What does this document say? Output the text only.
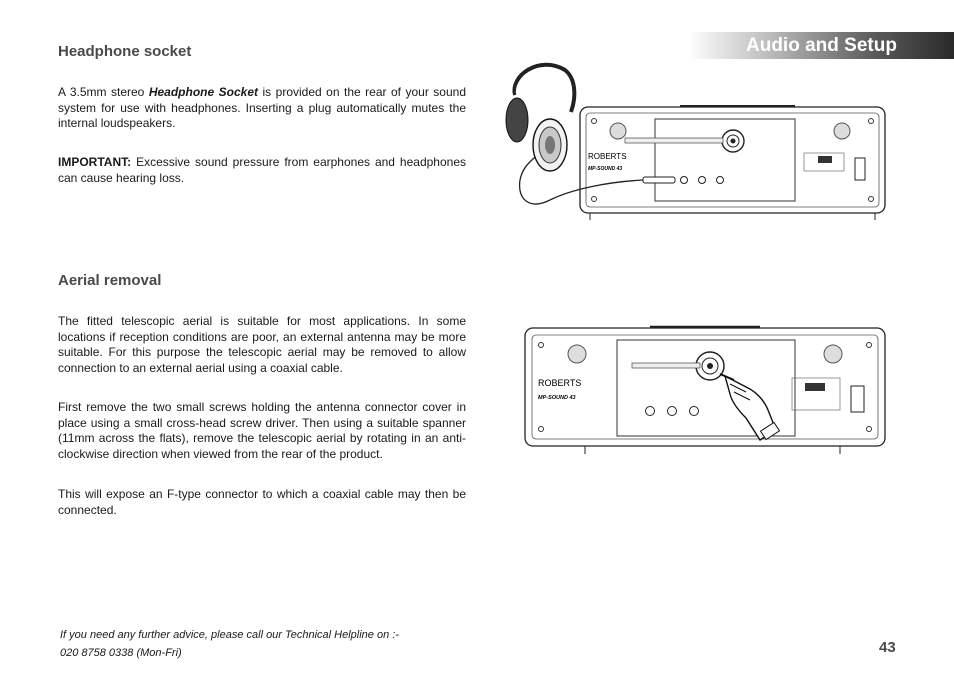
Audio and Setup
Headphone socket

A 3.5mm stereo Headphone Socket is provided on the rear of your sound system for use with headphones. Inserting a plug automatically mutes the internal loudspeakers.

IMPORTANT: Excessive sound pressure from earphones and headphones can cause hearing loss.

Aerial removal

The fitted telescopic aerial is suitable for most applications. In some locations if reception conditions are poor, an external antenna may be more suitable. For this purpose the telescopic aerial may be removed to allow connection to an external aerial using a coaxial cable.

First remove the two small screws holding the antenna connector cover in place using a small cross-head screw driver. Then using a suitable spanner (11mm across the flats), remove the telescopic aerial by rotating in an anti-clockwise direction when viewed from the rear of the product.

This will expose an F-type connector to which a coaxial cable may then be connected.

ROBERTS
MP-SOUND 43
ROBERTS
MP-SOUND 43
If you need any further advice, please call our Technical Helpline on :-
020 8758 0338 (Mon-Fri)	43
